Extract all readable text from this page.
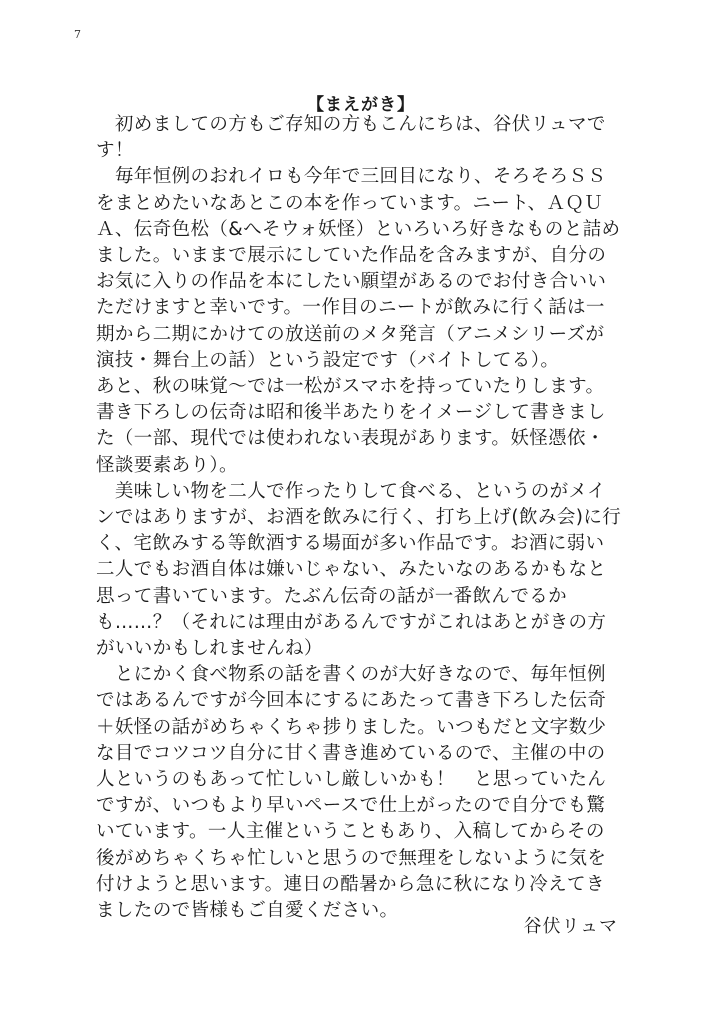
7
【まえがき】
　初めましての方もご存知の方もこんにちは、谷伏リュマで
す！
　毎年恒例のおれイロも今年で三回目になり、そろそろＳＳ
をまとめたいなあとこの本を作っています。ニート、ＡＱＵ
Ａ、伝奇色松（&へそウォ妖怪）といろいろ好きなものと詰め
ました。いままで展示にしていた作品を含みますが、自分の
お気に入りの作品を本にしたい願望があるのでお付き合いい
ただけますと幸いです。一作目のニートが飲みに行く話は一
期から二期にかけての放送前のメタ発言（アニメシリーズが
演技・舞台上の話）という設定です（バイトしてる）。
あと、秋の味覚～では一松がスマホを持っていたりします。
書き下ろしの伝奇は昭和後半あたりをイメージして書きまし
た（一部、現代では使われない表現があります。妖怪憑依・
怪談要素あり）。
　美味しい物を二人で作ったりして食べる、というのがメイ
ンではありますが、お酒を飲みに行く、打ち上げ(飲み会)に行
く、宅飲みする等飲酒する場面が多い作品です。お酒に弱い
二人でもお酒自体は嫌いじゃない、みたいなのあるかもなと
思って書いています。たぶん伝奇の話が一番飲んでるか
も……？（それには理由があるんですがこれはあとがきの方
がいいかもしれませんね）
　とにかく食べ物系の話を書くのが大好きなので、毎年恒例
ではあるんですが今回本にするにあたって書き下ろした伝奇
＋妖怪の話がめちゃくちゃ捗りました。いつもだと文字数少
な目でコツコツ自分に甘く書き進めているので、主催の中の
人というのもあって忙しいし厳しいかも！　と思っていたん
ですが、いつもより早いペースで仕上がったので自分でも驚
いています。一人主催ということもあり、入稿してからその
後がめちゃくちゃ忙しいと思うので無理をしないように気を
付けようと思います。連日の酷暑から急に秋になり冷えてき
ましたので皆様もご自愛ください。
谷伏リュマ
